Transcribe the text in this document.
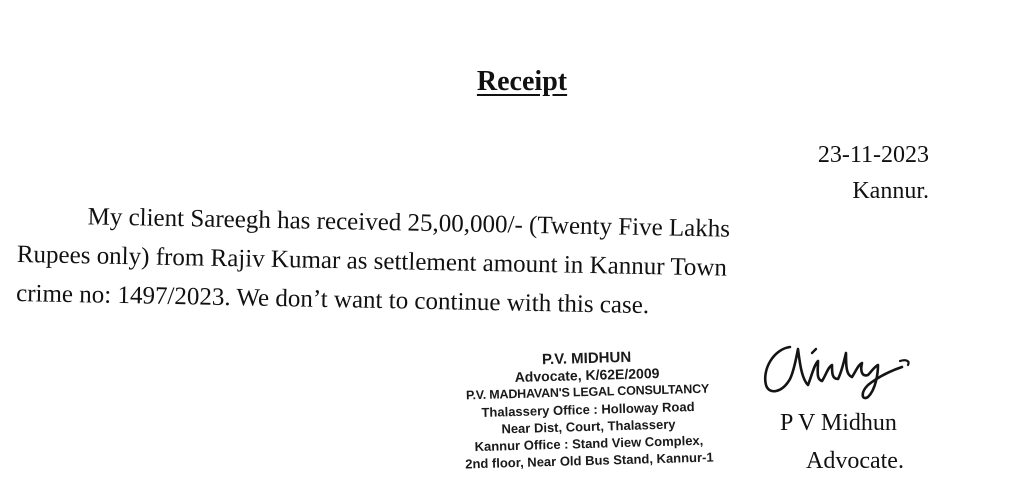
Receipt
23-11-2023
Kannur.
My client Sareegh has received 25,00,000/- (Twenty Five Lakhs
Rupees only) from Rajiv Kumar as settlement amount in Kannur Town
crime no: 1497/2023. We don’t want to continue with this case.
P.V. MIDHUN
Advocate, K/62E/2009
P.V. MADHAVAN'S LEGAL CONSULTANCY
Thalassery Office : Holloway Road
Near Dist, Court, Thalassery
Kannur Office : Stand View Complex,
2nd floor, Near Old Bus Stand, Kannur-1
P V Midhun
Advocate.
